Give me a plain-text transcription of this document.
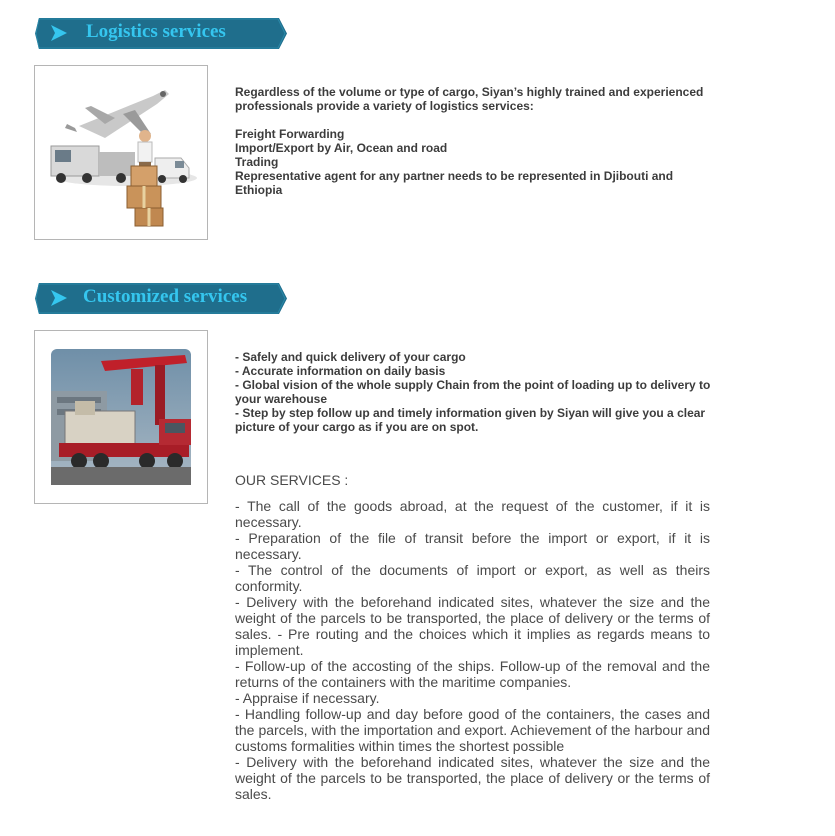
Logistics services
Regardless of the volume or type of cargo, Siyan’s highly trained and experienced professionals provide a variety of logistics services:
Freight Forwarding
Import/Export by Air, Ocean and road
Trading
Representative agent for any partner needs to be represented in Djibouti and Ethiopia
Customized services
- Safely and quick delivery of your cargo
- Accurate information on daily basis
- Global vision of the whole supply Chain from the point of loading up to delivery to your warehouse
- Step by step follow up and timely information given by Siyan will give you a clear picture of your cargo as if you are on spot.
OUR SERVICES :
- The call of the goods abroad, at the request of the customer, if it is necessary.
- Preparation of the file of transit before the import or export, if it is necessary.
- The control of the documents of import or export, as well as theirs conformity.
- Delivery with the beforehand indicated sites, whatever the size and the weight of the parcels to be transported, the place of delivery or the terms of sales. - Pre routing and the choices which it implies as regards means to implement.
- Follow-up of the accosting of the ships. Follow-up of the removal and the returns of the containers with the maritime companies.
- Appraise if necessary.
- Handling follow-up and day before good of the containers, the cases and the parcels, with the importation and export. Achievement of the harbour and customs formalities within times the shortest possible
- Delivery with the beforehand indicated sites, whatever the size and the weight of the parcels to be transported, the place of delivery or the terms of sales.
